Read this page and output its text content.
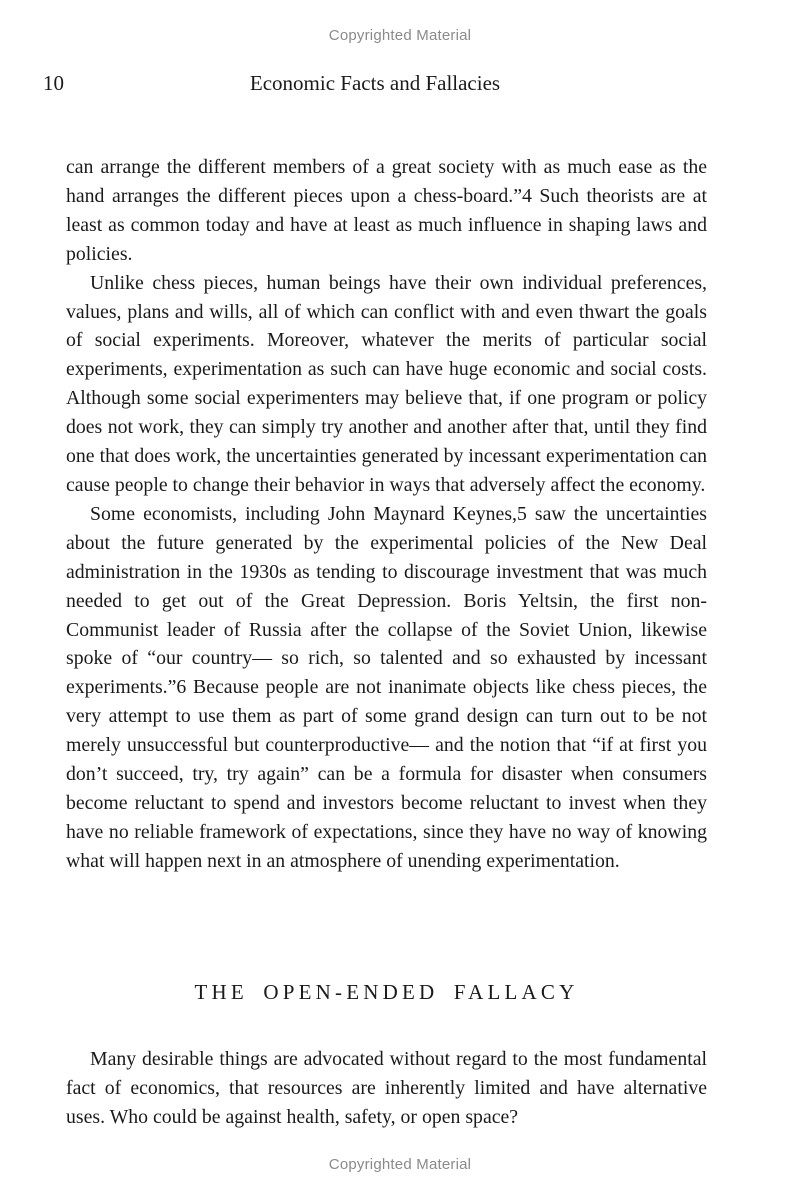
Copyrighted Material
10	Economic Facts and Fallacies

can arrange the different members of a great society with as much ease as the hand arranges the different pieces upon a chess-board.”4 Such theorists are at least as common today and have at least as much influence in shaping laws and policies.

Unlike chess pieces, human beings have their own individual preferences, values, plans and wills, all of which can conflict with and even thwart the goals of social experiments. Moreover, whatever the merits of particular social experiments, experimentation as such can have huge economic and social costs. Although some social experimenters may believe that, if one program or policy does not work, they can simply try another and another after that, until they find one that does work, the uncertainties generated by incessant experimentation can cause people to change their behavior in ways that adversely affect the economy.

Some economists, including John Maynard Keynes,5 saw the uncertainties about the future generated by the experimental policies of the New Deal administration in the 1930s as tending to discourage investment that was much needed to get out of the Great Depression. Boris Yeltsin, the first non-Communist leader of Russia after the collapse of the Soviet Union, likewise spoke of “our country— so rich, so talented and so exhausted by incessant experiments.”6 Because people are not inanimate objects like chess pieces, the very attempt to use them as part of some grand design can turn out to be not merely unsuccessful but counterproductive— and the notion that “if at first you don’t succeed, try, try again” can be a formula for disaster when consumers become reluctant to spend and investors become reluctant to invest when they have no reliable framework of expectations, since they have no way of knowing what will happen next in an atmosphere of unending experimentation.

THE OPEN-ENDED FALLACY

Many desirable things are advocated without regard to the most fundamental fact of economics, that resources are inherently limited and have alternative uses. Who could be against health, safety, or open space?

Copyrighted Material
